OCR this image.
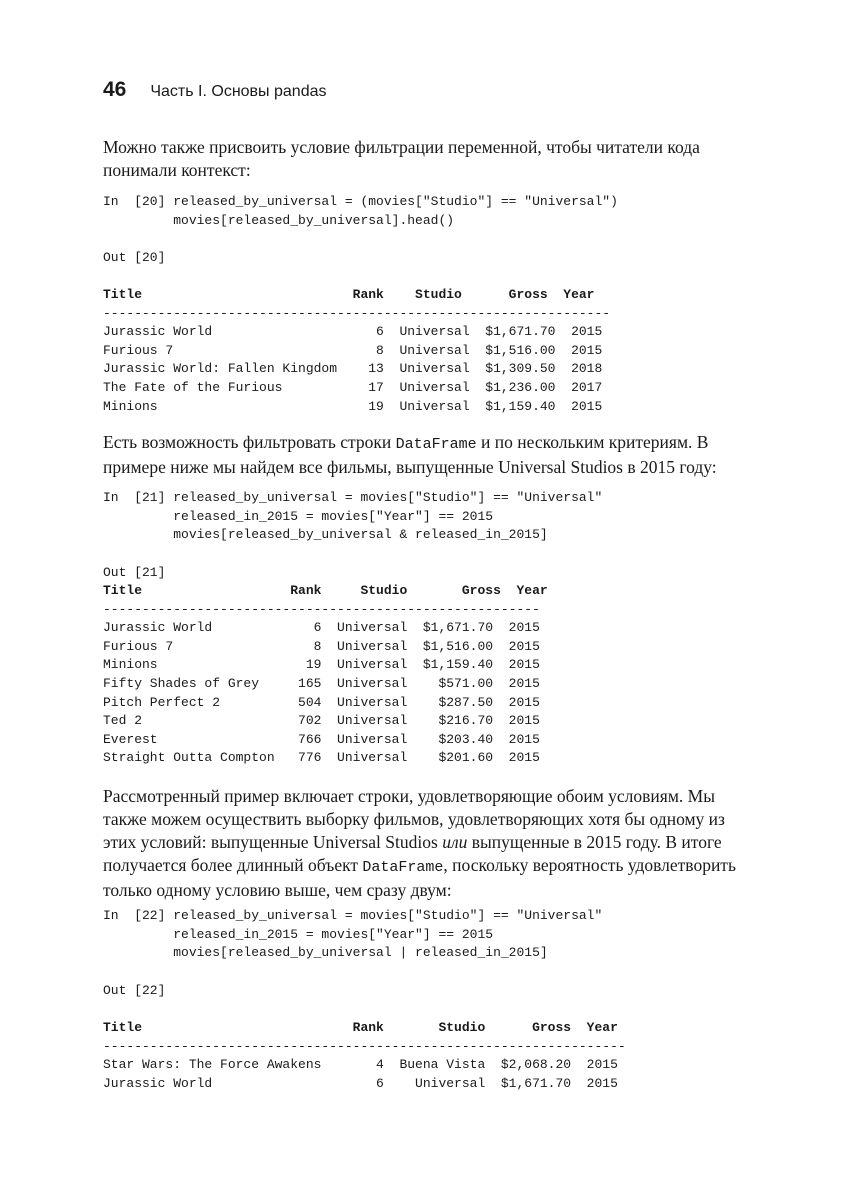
46 Часть I. Основы pandas

Можно также присвоить условие фильтрации переменной, чтобы читатели кода понимали контекст:

In  [20] released_by_universal = (movies["Studio"] == "Universal")
movies[released_by_universal].head()
Out [20]
Title                           Rank    Studio      Gross  Year
-----------------------------------------------------------------
Jurassic World                     6  Universal  $1,671.70  2015
Furious 7                          8  Universal  $1,516.00  2015
Jurassic World: Fallen Kingdom    13  Universal  $1,309.50  2018
The Fate of the Furious           17  Universal  $1,236.00  2017
Minions                           19  Universal  $1,159.40  2015

Есть возможность фильтровать строки DataFrame и по нескольким критериям. В примере ниже мы найдем все фильмы, выпущенные Universal Studios в 2015 году:

In  [21] released_by_universal = movies["Studio"] == "Universal"
released_in_2015 = movies["Year"] == 2015
movies[released_by_universal & released_in_2015]
Out [21]
Title                   Rank     Studio       Gross  Year
--------------------------------------------------------
Jurassic World             6  Universal  $1,671.70  2015
Furious 7                  8  Universal  $1,516.00  2015
Minions                   19  Universal  $1,159.40  2015
Fifty Shades of Grey     165  Universal    $571.00  2015
Pitch Perfect 2          504  Universal    $287.50  2015
Ted 2                    702  Universal    $216.70  2015
Everest                  766  Universal    $203.40  2015
Straight Outta Compton   776  Universal    $201.60  2015

Рассмотренный пример включает строки, удовлетворяющие обоим условиям. Мы также можем осуществить выборку фильмов, удовлетворяющих хотя бы одному из этих условий: выпущенные Universal Studios или выпущенные в 2015 году. В итоге получается более длинный объект DataFrame, поскольку вероятность удовлетворить только одному условию выше, чем сразу двум:

In  [22] released_by_universal = movies["Studio"] == "Universal"
released_in_2015 = movies["Year"] == 2015
movies[released_by_universal | released_in_2015]
Out [22]
Title                           Rank       Studio      Gross  Year
-------------------------------------------------------------------
Star Wars: The Force Awakens       4  Buena Vista  $2,068.20  2015
Jurassic World                     6    Universal  $1,671.70  2015
